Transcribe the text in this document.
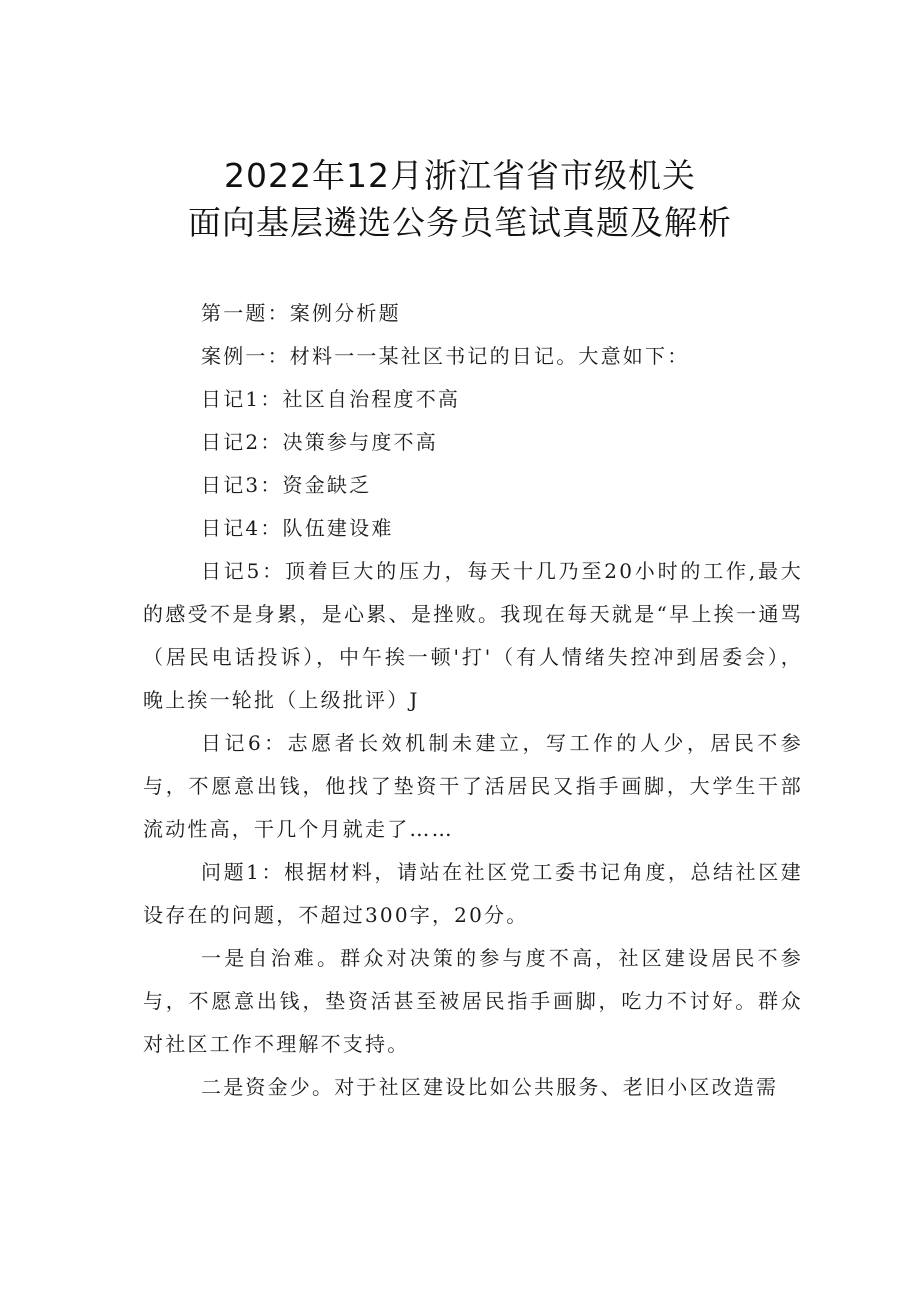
2022年12月浙江省省市级机关
面向基层遴选公务员笔试真题及解析

第一题：案例分析题

案例一：材料一一某社区书记的日记。大意如下：

日记1：社区自治程度不高

日记2：决策参与度不高

日记3：资金缺乏

日记4：队伍建设难

日记5：顶着巨大的压力，每天十几乃至20小时的工作,最大的感受不是身累，是心累、是挫败。我现在每天就是“早上挨一通骂（居民电话投诉），中午挨一顿'打'（有人情绪失控冲到居委会），晚上挨一轮批（上级批评）J

日记6：志愿者长效机制未建立，写工作的人少，居民不参与，不愿意出钱，他找了垫资干了活居民又指手画脚，大学生干部流动性高，干几个月就走了……

问题1：根据材料，请站在社区党工委书记角度，总结社区建设存在的问题，不超过300字，20分。

一是自治难。群众对决策的参与度不高，社区建设居民不参与，不愿意出钱，垫资活甚至被居民指手画脚，吃力不讨好。群众对社区工作不理解不支持。

二是资金少。对于社区建设比如公共服务、老旧小区改造需
